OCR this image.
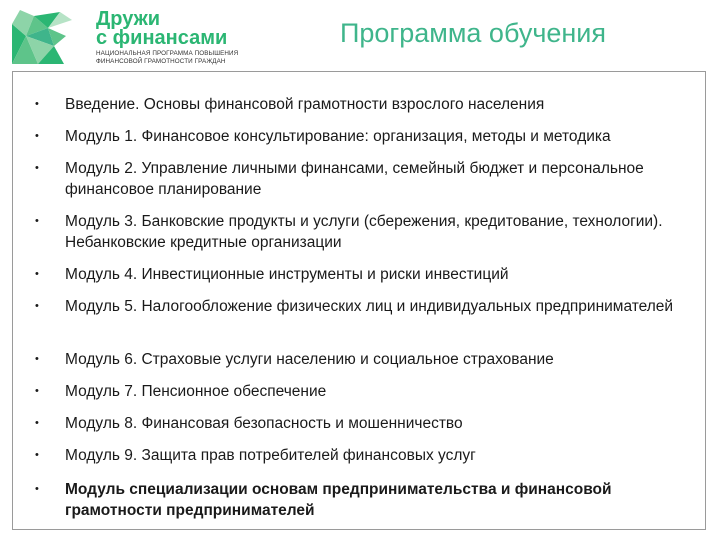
Дружи
с финансами

НАЦИОНАЛЬНАЯ ПРОГРАММА ПОВЫШЕНИЯ
ФИНАНСОВОЙ ГРАМОТНОСТИ ГРАЖДАН

Программа обучения
• Введение. Основы финансовой грамотности взрослого населения
• Модуль 1. Финансовое консультирование: организация, методы и методика
• Модуль 2. Управление личными финансами, семейный бюджет и персональное финансовое планирование
• Модуль 3. Банковские продукты и услуги (сбережения, кредитование, технологии). Небанковские кредитные организации
• Модуль 4. Инвестиционные инструменты и риски инвестиций
• Модуль 5. Налогообложение физических лиц и индивидуальных предпринимателей
• Модуль 6. Страховые услуги населению и социальное страхование
• Модуль 7. Пенсионное обеспечение
• Модуль 8. Финансовая безопасность и мошенничество
• Модуль 9. Защита прав потребителей финансовых услуг
• Модуль специализации основам предпринимательства и финансовой грамотности предпринимателей
